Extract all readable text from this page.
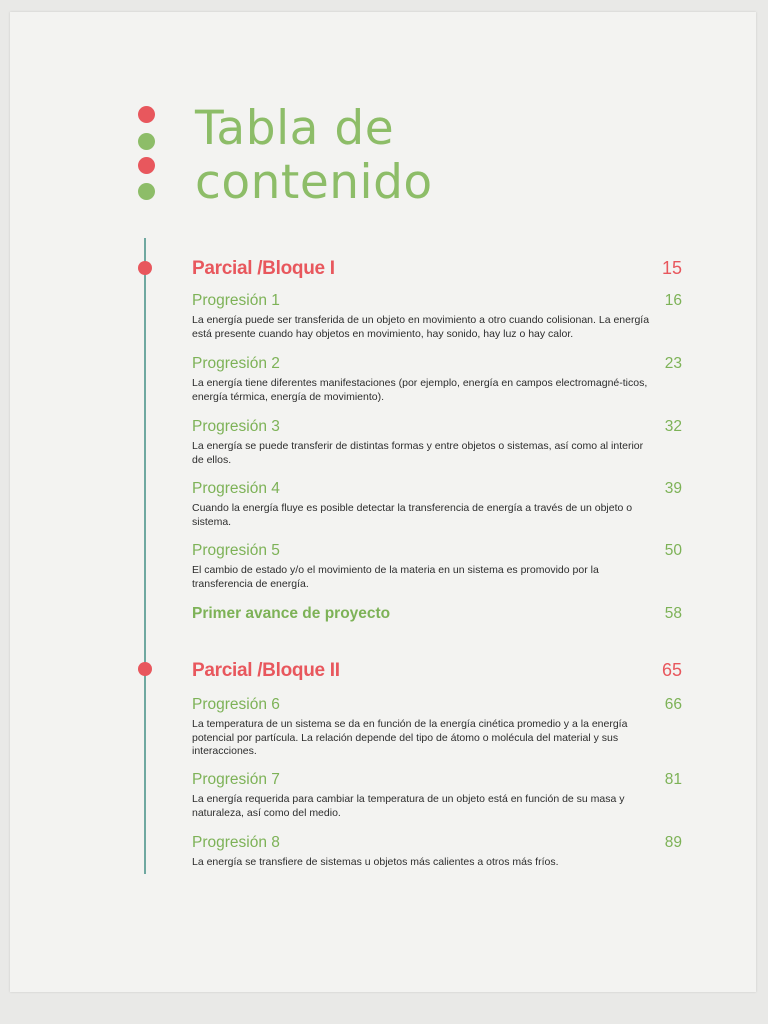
Tabla de
contenido
Parcial /Bloque I	15
Progresión 1	16
La energía puede ser transferida de un objeto en movimiento a otro cuando colisionan. La energía está presente cuando hay objetos en movimiento, hay sonido, hay luz o hay calor.
Progresión 2	23
La energía tiene diferentes manifestaciones (por ejemplo, energía en campos electromagné-ticos, energía térmica, energía de movimiento).
Progresión 3	32
La energía se puede transferir de distintas formas y entre objetos o sistemas, así como al interior de ellos.
Progresión 4	39
Cuando la energía fluye es posible detectar la transferencia de energía a través de un objeto o sistema.
Progresión 5	50
El cambio de estado y/o el movimiento de la materia en un sistema es promovido por la transferencia de energía.
Primer avance de proyecto	58
Parcial /Bloque II	65
Progresión 6	66
La temperatura de un sistema se da en función de la energía cinética promedio y a la energía potencial por partícula. La relación depende del tipo de átomo o molécula del material y sus interacciones.
Progresión 7	81
La energía requerida para cambiar la temperatura de un objeto está en función de su masa y naturaleza, así como del medio.
Progresión 8	89
La energía se transfiere de sistemas u objetos más calientes a otros más fríos.
